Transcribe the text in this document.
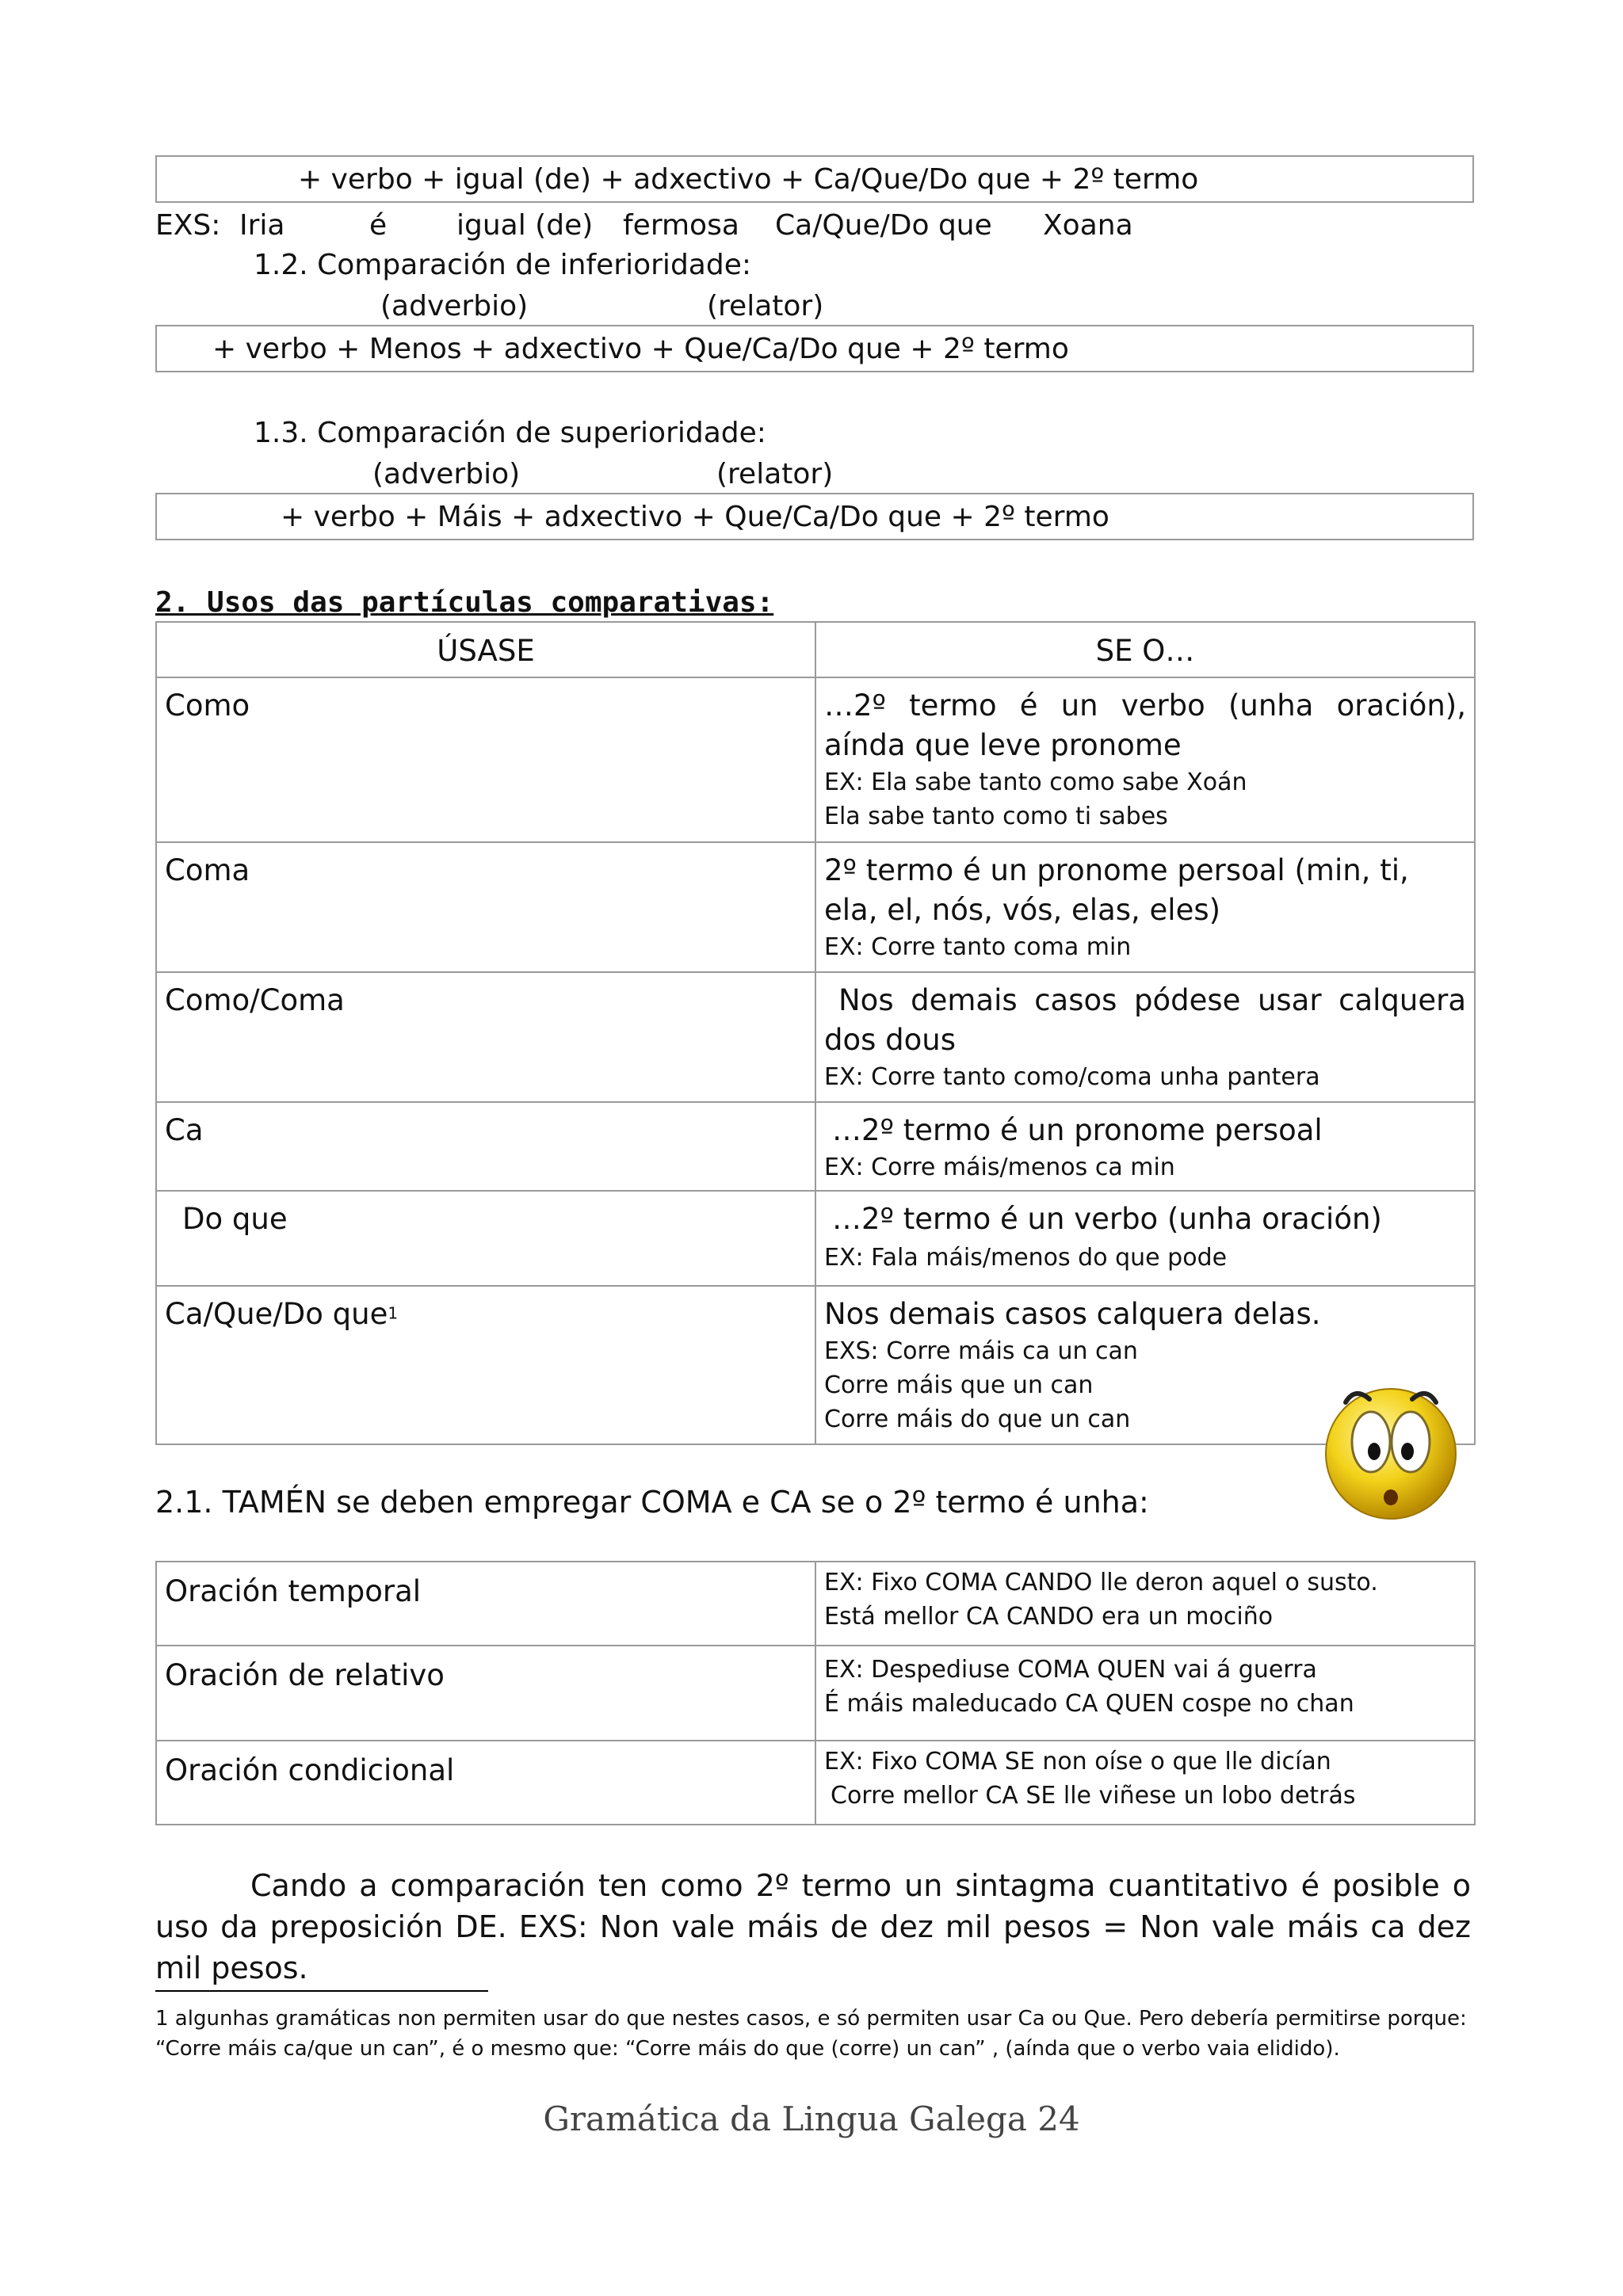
+ verbo + igual (de) + adxectivo + Ca/Que/Do que + 2º termo
EXS: Iria	é igual (de) fermosa Ca/Que/Do que Xoana
1.2. Comparación de inferioridade:
(adverbio)	(relator)
+ verbo + Menos + adxectivo + Que/Ca/Do que + 2º termo
1.3. Comparación de superioridade:
(adverbio)	(relator)
+ verbo + Máis + adxectivo + Que/Ca/Do que + 2º termo
2. Usos das partículas comparativas:
ÚSASE	SE O…
Como	…2º termo é un verbo (unha oración), aínda que leve pronome
EX: Ela sabe tanto como sabe Xoán
Ela sabe tanto como ti sabes

Coma	2º termo é un pronome persoal (min, ti, ela, el, nós, vós, elas, eles)
EX: Corre tanto coma min

Como/Coma	Nos demais casos pódese usar calquera dos dous
EX: Corre tanto como/coma unha pantera

Ca	…2º termo é un pronome persoal
EX: Corre máis/menos ca min

Do que	…2º termo é un verbo (unha oración)
EX: Fala máis/menos do que pode

Ca/Que/Do que$^1$	Nos demais casos calquera delas.
EXS: Corre máis ca un can
Corre máis que un can
Corre máis do que un can
2.1. TAMÉN se deben empregar COMA e CA se o 2º termo é unha:
Oración temporal	EX: Fixo COMA CANDO lle deron aquel o susto.
Está mellor CA CANDO era un mociño

Oración de relativo	EX: Despediuse COMA QUEN vai á guerra
É máis maleducado CA QUEN cospe no chan

Oración condicional	EX: Fixo COMA SE non oíse o que lle dicían
Corre mellor CA SE lle viñese un lobo detrás
Cando a comparación ten como 2º termo un sintagma cuantitativo é posible o uso da preposición DE. EXS: Non vale máis de dez mil pesos = Non vale máis ca dez mil pesos.
1 algunhas gramáticas non permiten usar do que nestes casos, e só permiten usar Ca ou Que. Pero debería permitirse porque:
“Corre máis ca/que un can”, é o mesmo que: “Corre máis do que (corre) un can” , (aínda que o verbo vaia elidido).
Gramática da Lingua Galega 24
